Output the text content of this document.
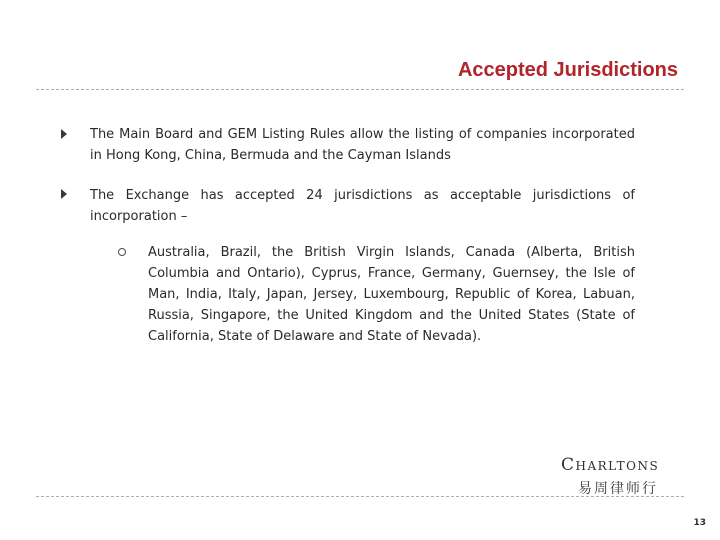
Accepted Jurisdictions
The Main Board and GEM Listing Rules allow the listing of companies incorporated in Hong Kong, China, Bermuda and the Cayman Islands
The Exchange has accepted 24 jurisdictions as acceptable jurisdictions of incorporation –
Australia, Brazil, the British Virgin Islands, Canada (Alberta, British Columbia and Ontario), Cyprus, France, Germany, Guernsey, the Isle of Man, India, Italy, Japan, Jersey, Luxembourg, Republic of Korea, Labuan, Russia, Singapore, the United Kingdom and the United States (State of California, State of Delaware and State of Nevada).
Charltons
易周律师行
13
